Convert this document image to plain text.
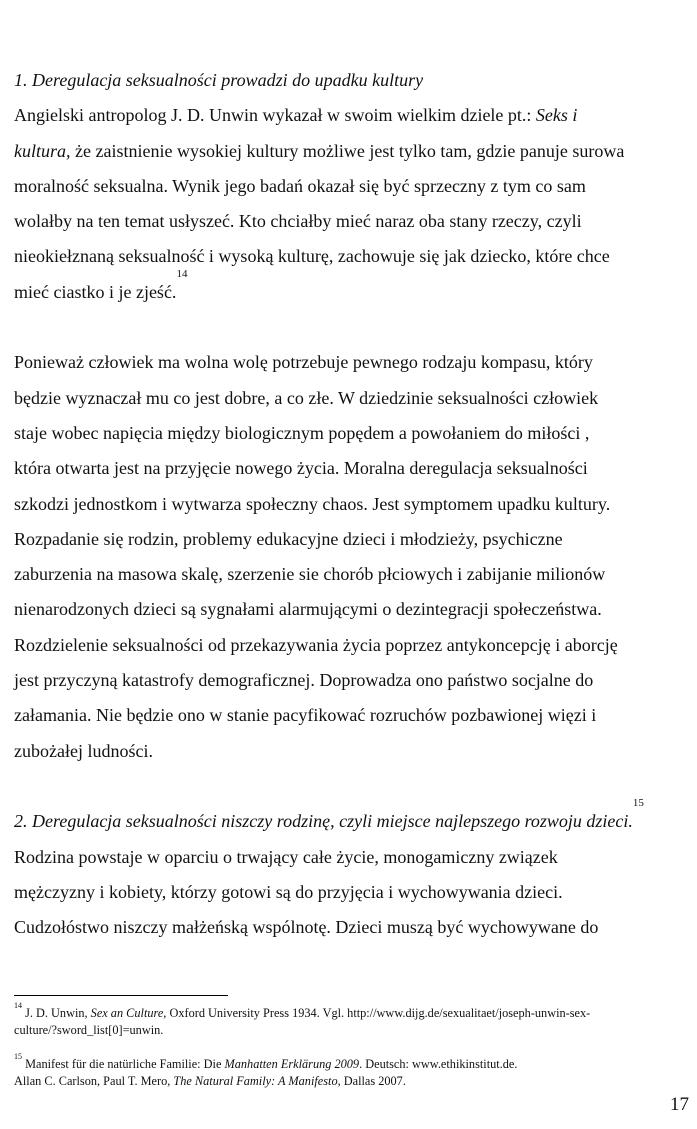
1. Deregulacja seksualności prowadzi do upadku kultury
Angielski antropolog J. D. Unwin wykazał w swoim wielkim dziele pt.: Seks i
kultura, że zaistnienie wysokiej kultury możliwe jest tylko tam, gdzie panuje surowa
moralność seksualna. Wynik jego badań okazał się być sprzeczny z tym co sam
wolałby na ten temat usłyszeć. Kto chciałby mieć naraz oba stany rzeczy, czyli
nieokiełznaną seksualność i wysoką kulturę, zachowuje się jak dziecko, które chce
mieć ciastko i je zjeść.$^{14}$
Ponieważ człowiek ma wolna wolę potrzebuje pewnego rodzaju kompasu, który
będzie wyznaczał mu co jest dobre, a co złe. W dziedzinie seksualności człowiek
staje wobec napięcia między biologicznym popędem a powołaniem do miłości ,
która otwarta jest na przyjęcie nowego życia. Moralna deregulacja seksualności
szkodzi jednostkom i wytwarza społeczny chaos. Jest symptomem upadku kultury.
Rozpadanie się rodzin, problemy edukacyjne dzieci i młodzieży, psychiczne
zaburzenia na masowa skalę, szerzenie sie chorób płciowych i zabijanie milionów
nienarodzonych dzieci są sygnałami alarmującymi o dezintegracji społeczeństwa.
Rozdzielenie seksualności od przekazywania życia poprzez antykoncepcję i aborcję
jest przyczyną katastrofy demograficznej. Doprowadza ono państwo socjalne do
załamania. Nie będzie ono w stanie pacyfikować rozruchów pozbawionej więzi i
zubożałej ludności.
2. Deregulacja seksualności niszczy rodzinę, czyli miejsce najlepszego rozwoju dzieci.$^{15}$
Rodzina powstaje w oparciu o trwający całe życie, monogamiczny związek
mężczyzny i kobiety, którzy gotowi są do przyjęcia i wychowywania dzieci.
Cudzołóstwo niszczy małżeńską wspólnotę. Dzieci muszą być wychowywane do
$^{14}$ J. D. Unwin, Sex an Culture, Oxford University Press 1934. Vgl. http://www.dijg.de/sexualitaet/joseph-unwin-sex-
culture/?sword_list[0]=unwin.
$^{15}$ Manifest für die natürliche Familie: Die Manhatten Erklärung 2009. Deutsch: www.ethikinstitut.de.
Allan C. Carlson, Paul T. Mero, The Natural Family: A Manifesto, Dallas 2007.
17
